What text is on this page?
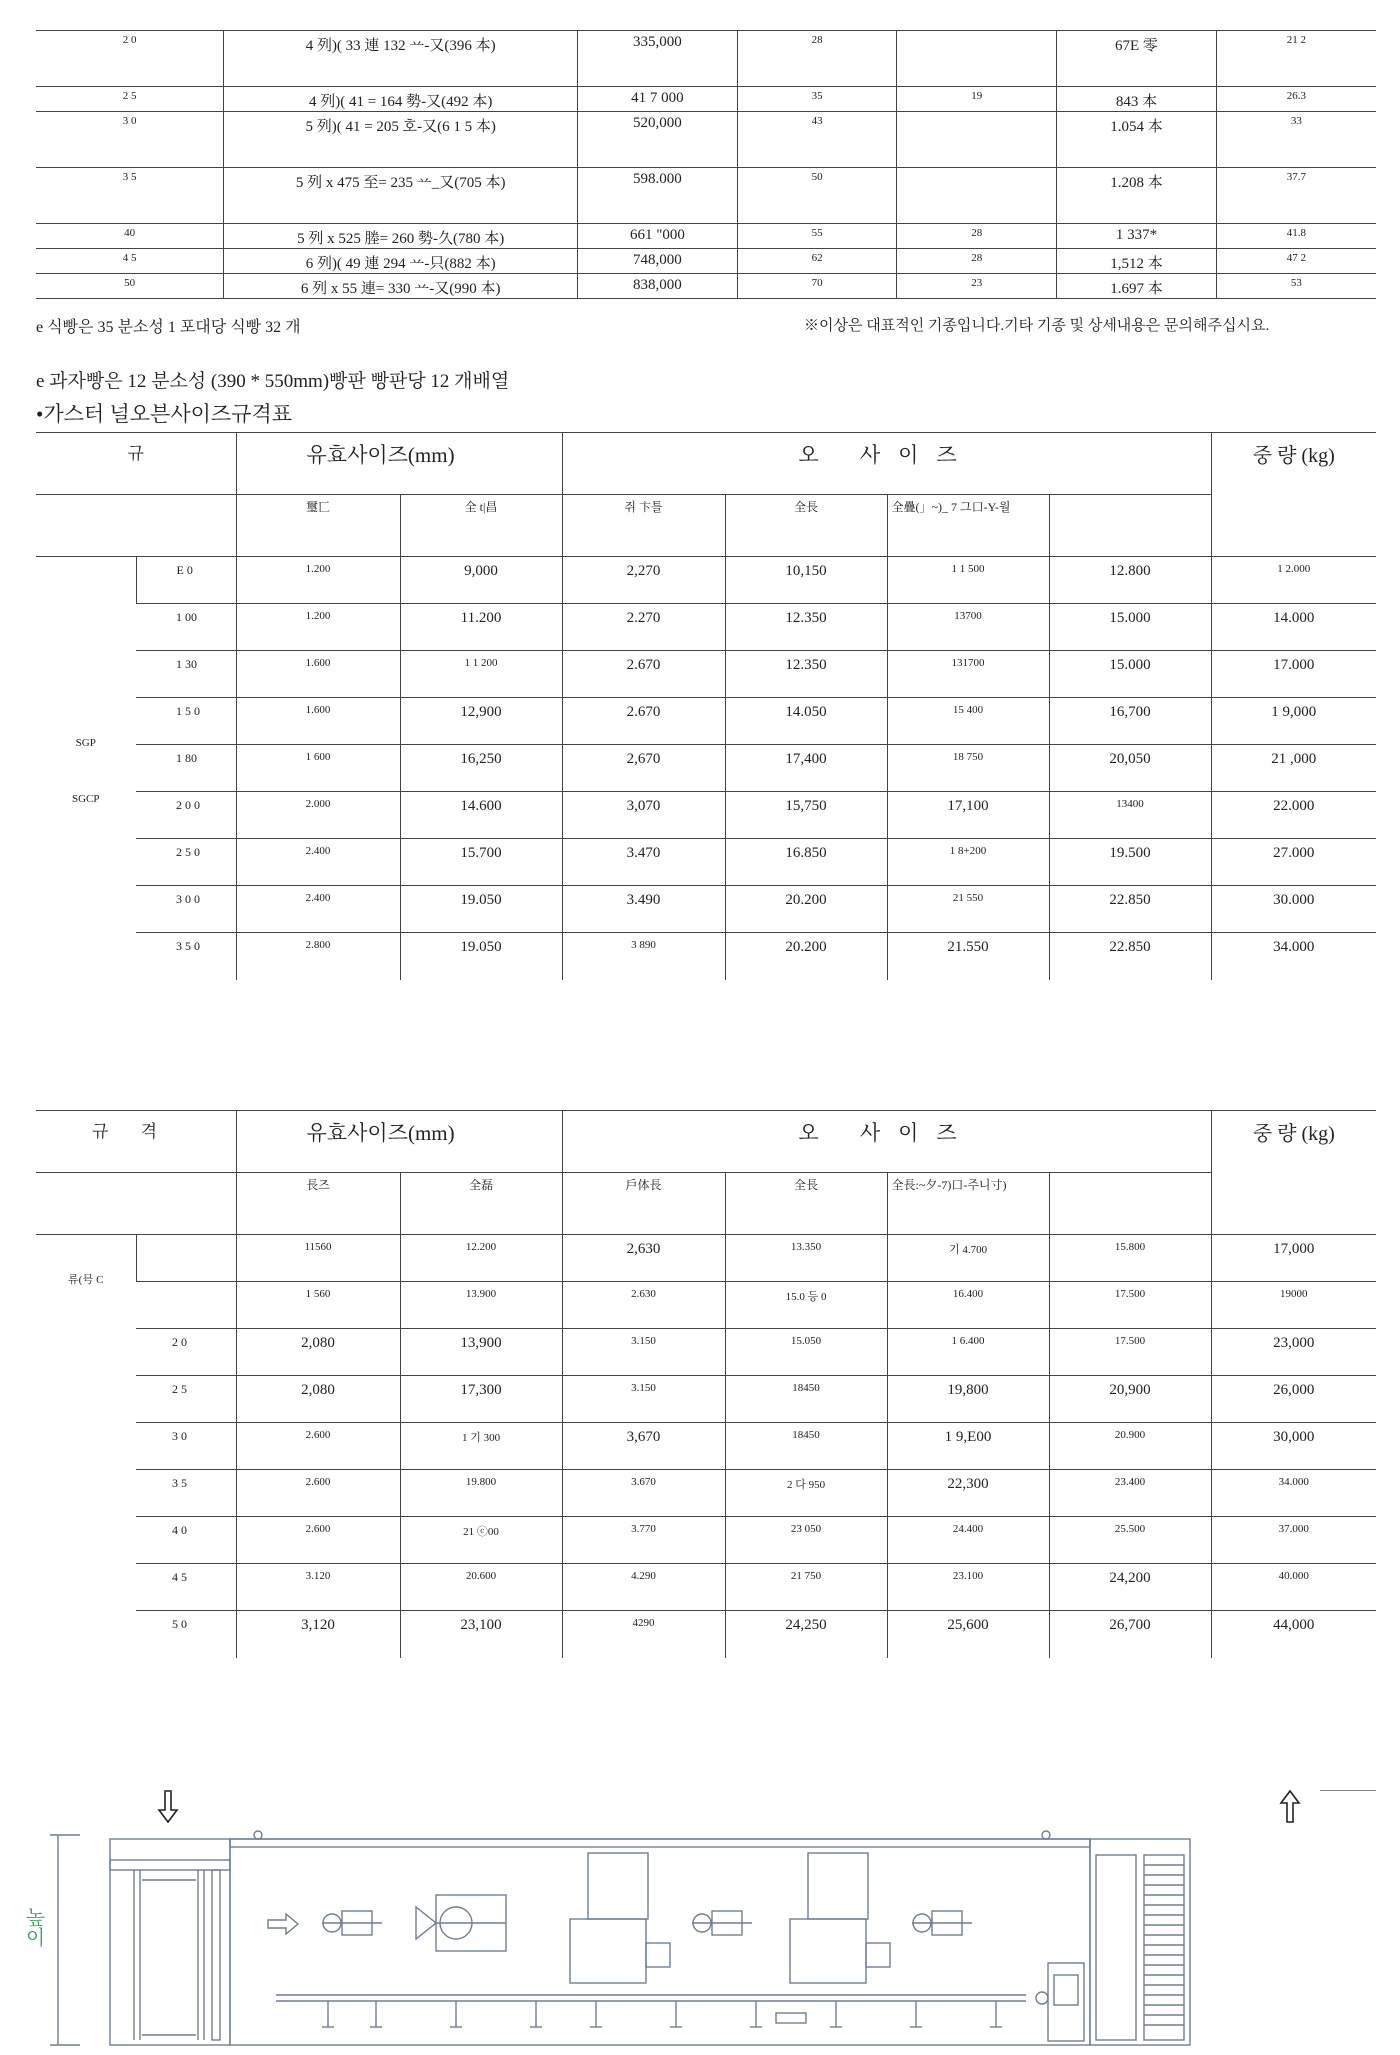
2 0	4 列)( 33 連 132 䒑-又(396 本)	335,000	28		67E 零	21 2
2 5	4 列)( 41 = 164 勢-又(492 本)	41 7 000	35	19	843 本	26.3
3 0	5 列)( 41 = 205 호-又(6 1 5 本)	520,000	43		1.054 本	33
3 5	5 列 x 475 至= 235 䒑_又(705 本)	598.000	50		1.208 本	37.7
40	5 列 x 525 塍= 260 勢-久(780 本)	661 "000	55	28	1 337*	41.8
4 5	6 列)( 49 連 294 䒑-只(882 本)	748,000	62	28	1,512 本	47 2
50	6 列 x 55 連= 330 䒑-又(990 本)	838,000	70	23	1.697 本	53
e 식빵은 35 분소성 1 포대당 식빵 32 개	※이상은 대표적인 기종입니다.기타 기종 및 상세내용은 문의해주십시요.
e 과자빵은 12 분소성 (390 * 550mm)빵판 빵판당 12 개배열
•가스터 널오븐사이즈규격표
규		유효사이즈(mm)		오 사이즈				중 량 (kg)
		璽匸	全 t|昌	쥐 卞틀	全長	全疊(」~)_ 7 그口-Y-월		

SGP
SGCP	E 0	1.200	9,000	2,270	10,150	1 1 500	12.800	1 2.000
	1 00	1.200	11.200	2.270	12.350	13700	15.000	14.000
	1 30	1.600	1 1 200	2.670	12.350	131700	15.000	17.000
	1 5 0	1.600	12,900	2.670	14.050	15 400	16,700	1 9,000
	1 80	1 600	16,250	2,670	17,400	18 750	20,050	21 ,000
	2 0 0	2.000	14.600	3,070	15,750	17,100	13400	22.000
	2 5 0	2.400	15.700	3.470	16.850	1 8+200	19.500	27.000
	3 0 0	2.400	19.050	3.490	20.200	21 550	22.850	30.000
	3 5 0	2.800	19.050	3 890	20.200	21.550	22.850	34.000
규 격		유효사이즈(mm)		오 사이즈				중 량 (kg)
		長즈	全磊	戶体長	全長	全長:~夕-7)口-주니寸)		
류(号 C		11560	12.200	2,630	13.350	기 4.700	15.800	17,000
		1 560	13.900	2.630	15.0 등 0	16.400	17.500	19000
	2 0	2,080	13,900	3.150	15.050	1 6.400	17.500	23,000
	2 5	2,080	17,300	3.150	18450	19,800	20,900	26,000
	3 0	2.600	1 기 300	3,670	18450	1 9,E00	20.900	30,000
	3 5	2.600	19.800	3.670	2 다 950	22,300	23.400	34.000
	4 0	2.600	21 ⓒ00	3.770	23 050	24.400	25.500	37.000
	4 5	3.120	20.600	4.290	21 750	23.100	24,200	40.000
	5 0	3,120	23,100	4290	24,250	25,600	26,700	44,000
높이
